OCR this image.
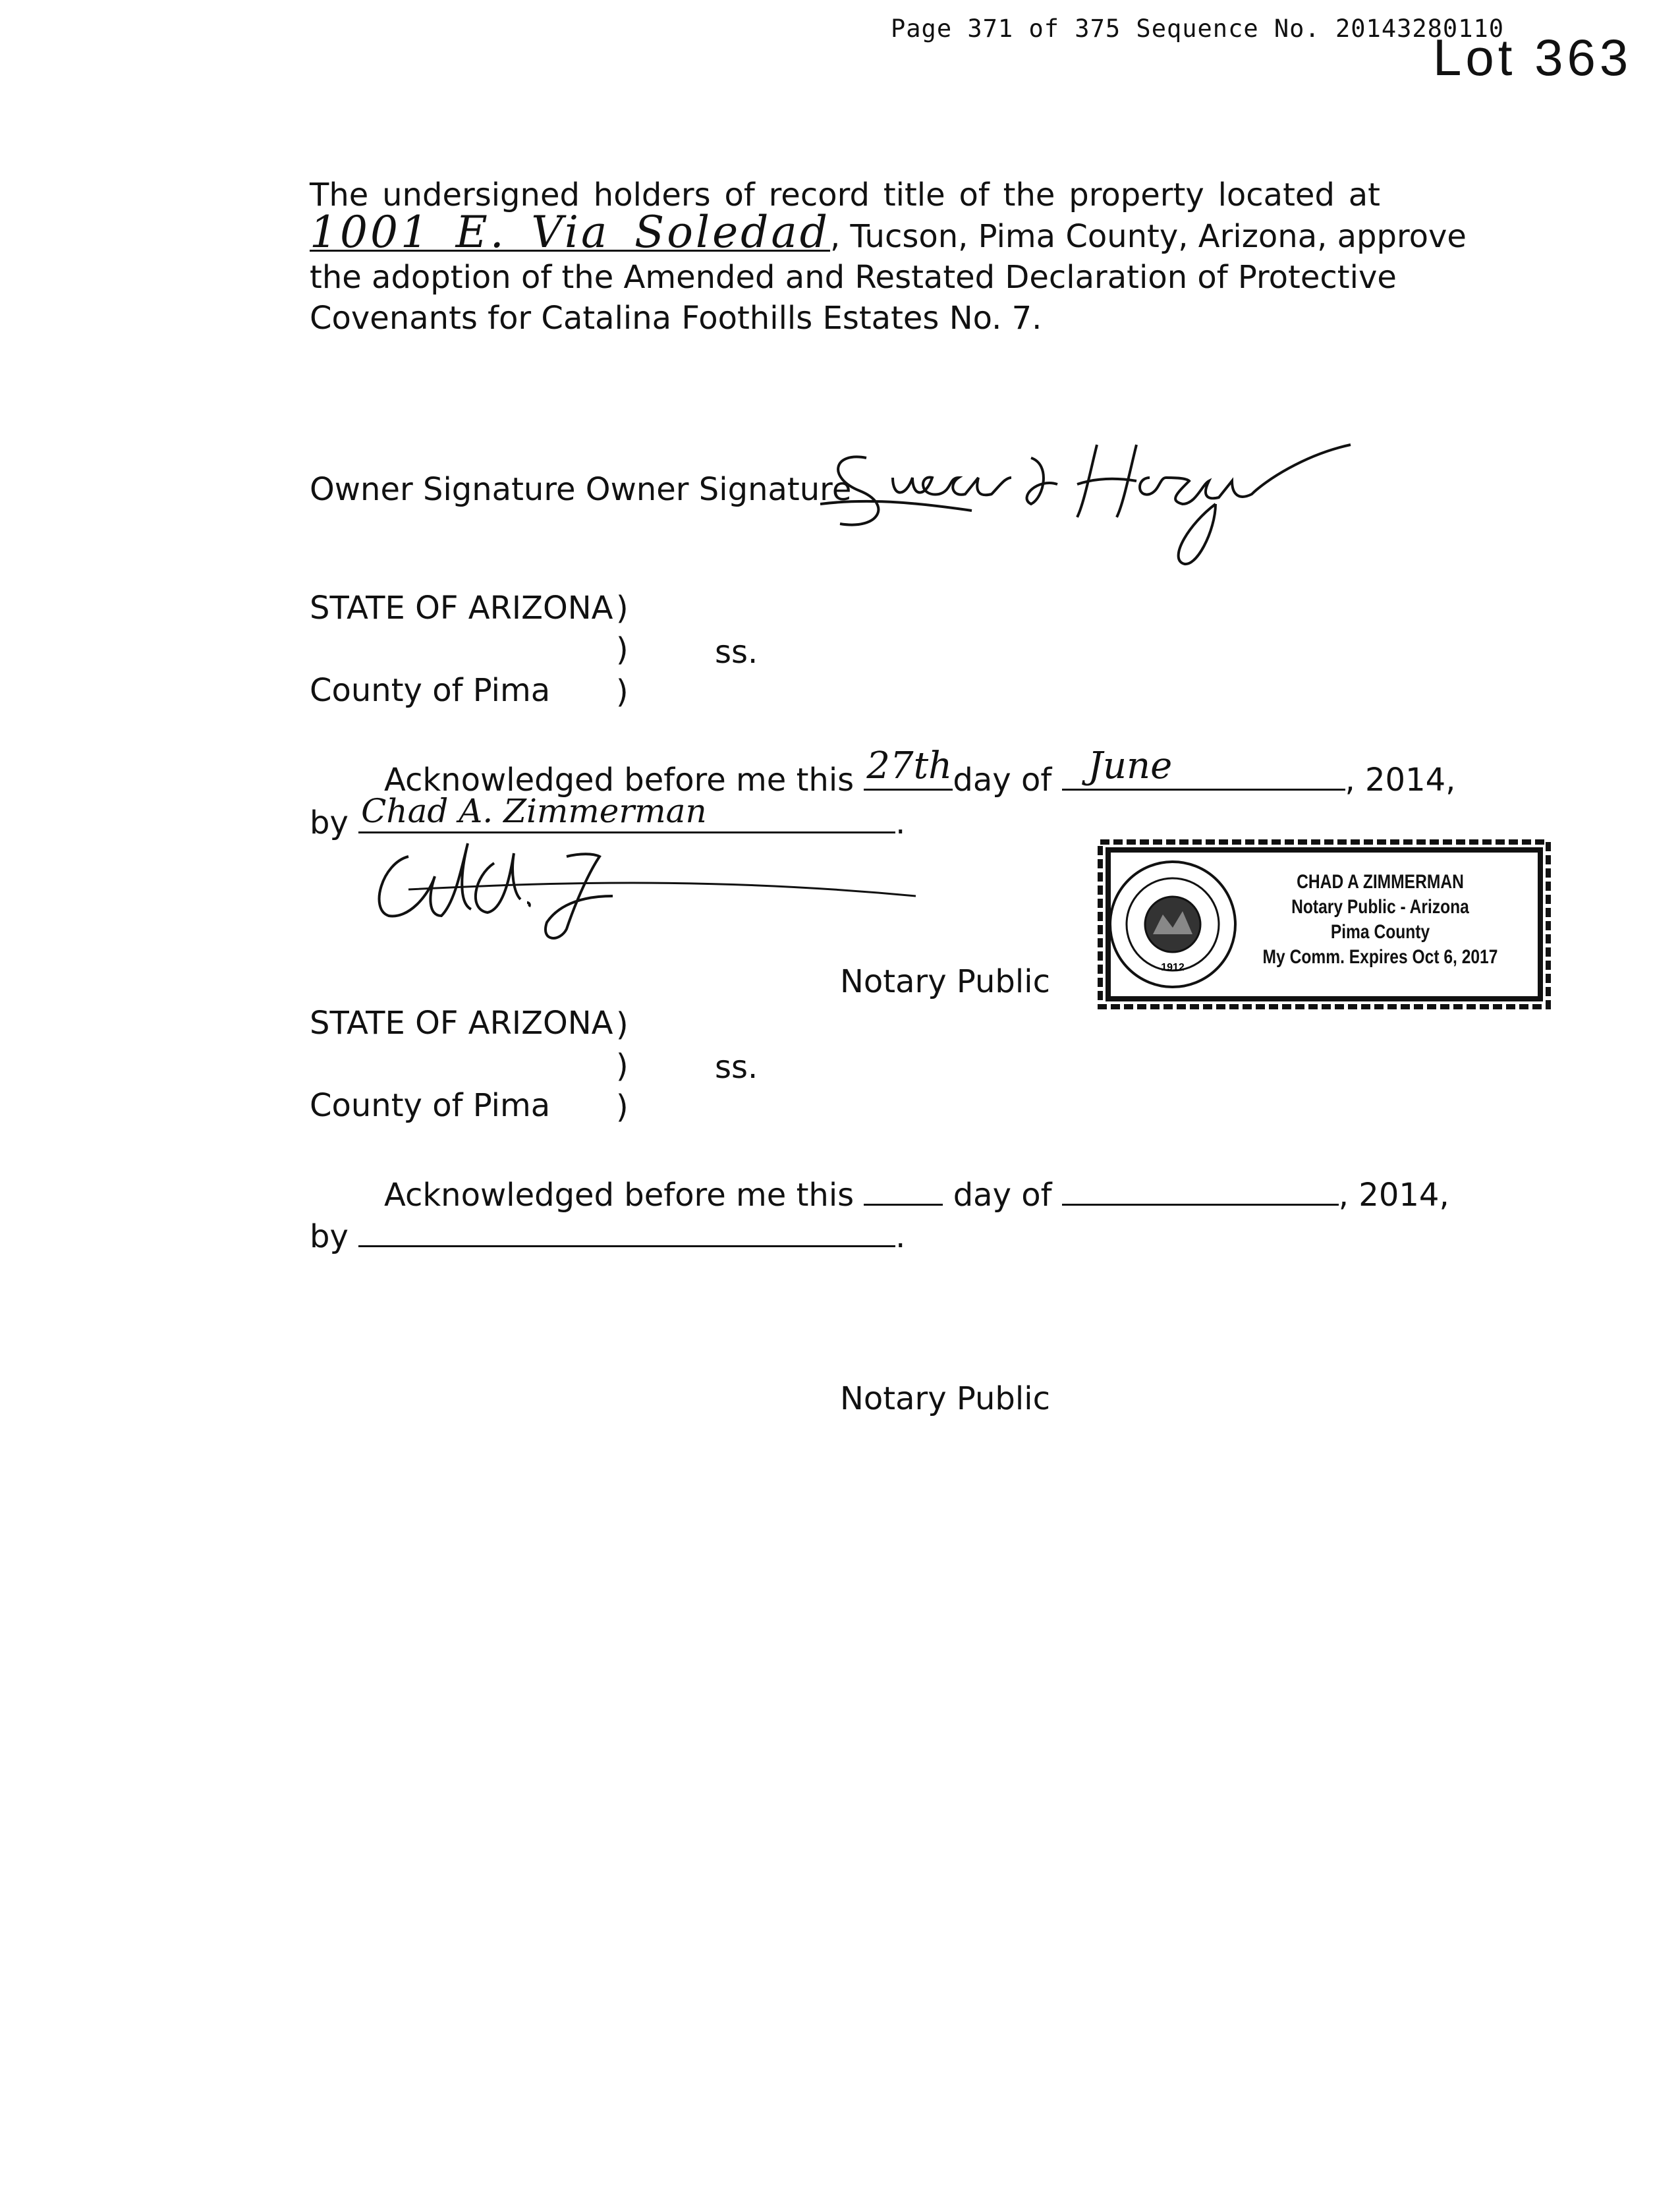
Page 371 of 375 Sequence No. 20143280110
Lot 363
The undersigned holders of record title of the property located at
1001 E. Via Soledad, Tucson, Pima County, Arizona, approve
the adoption of the Amended and Restated Declaration of Protective
Covenants for Catalina Foothills Estates No. 7.
Owner Signature Owner Signature
STATE OF ARIZONA )
)	ss.
)
County of Pima
Acknowledged before me this 27th day of June	, 2014,
by Chad A. Zimmerman	.
Notary Public	1912
CHAD A ZIMMERMAN
Notary Public - Arizona
Pima County
My Comm. Expires Oct 6, 2017
STATE OF ARIZONA )
)	ss.
)
County of Pima
Acknowledged before me this	day of	, 2014,
by	.
Notary Public
